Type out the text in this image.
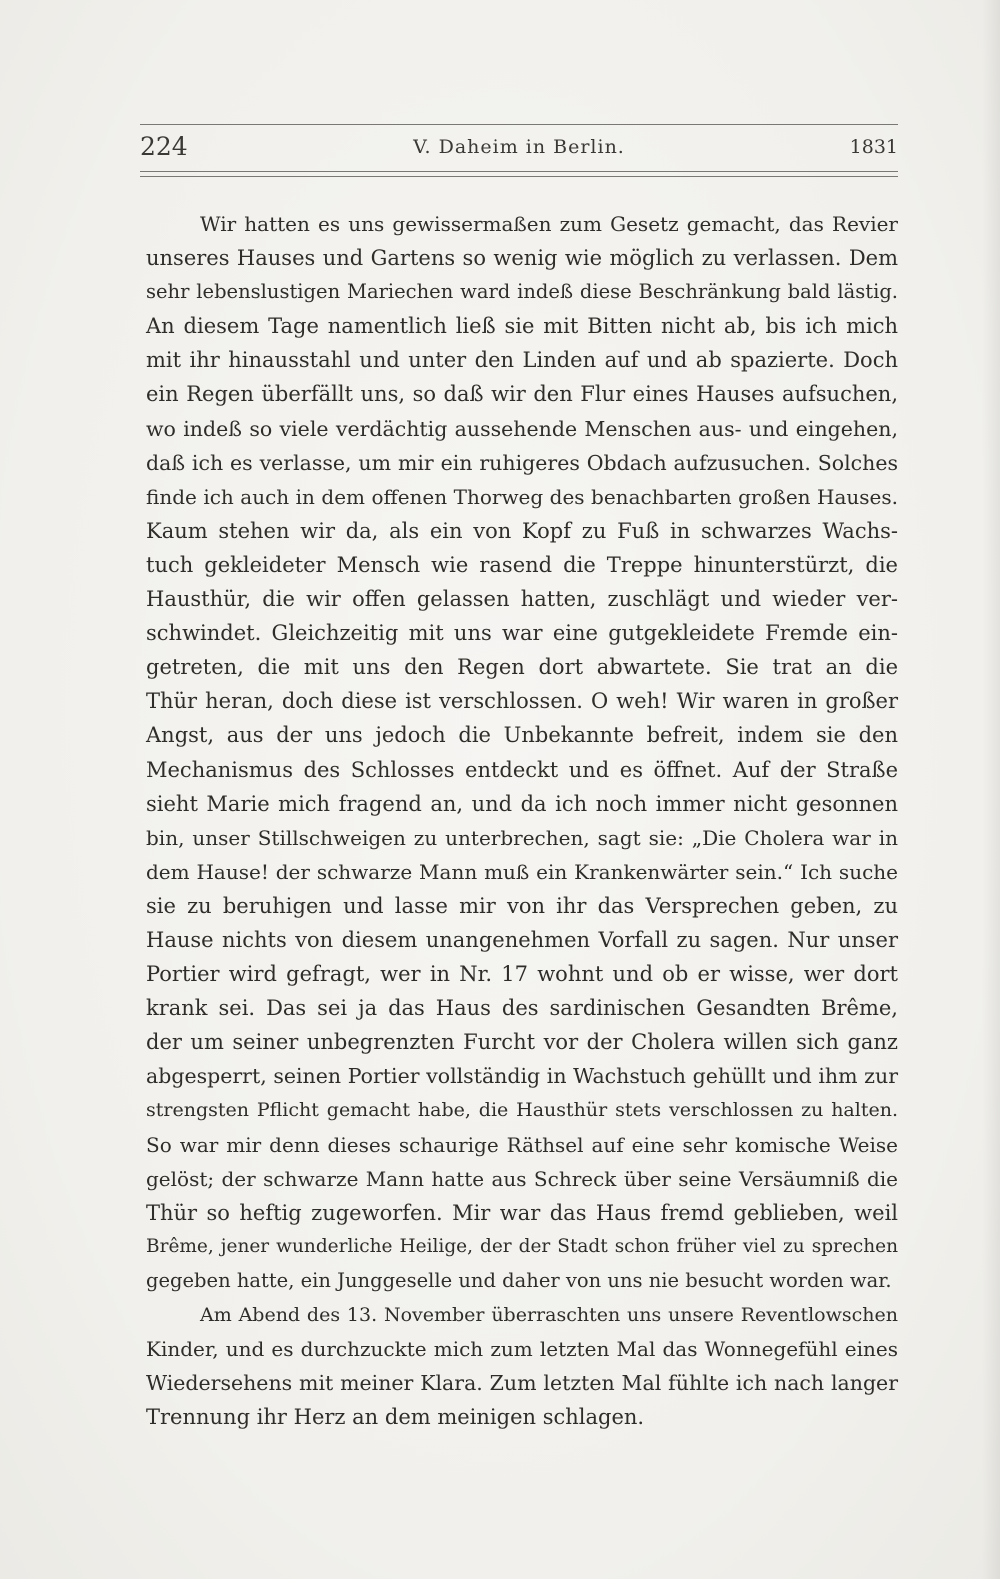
224	V. Daheim in Berlin.	1831
Wir hatten es uns gewissermaßen zum Gesetz gemacht, das Revier
unseres Hauses und Gartens so wenig wie möglich zu verlassen. Dem
sehr lebenslustigen Mariechen ward indeß diese Beschränkung bald lästig.
An diesem Tage namentlich ließ sie mit Bitten nicht ab, bis ich mich
mit ihr hinausstahl und unter den Linden auf und ab spazierte. Doch
ein Regen überfällt uns, so daß wir den Flur eines Hauses aufsuchen,
wo indeß so viele verdächtig aussehende Menschen aus- und eingehen,
daß ich es verlasse, um mir ein ruhigeres Obdach aufzusuchen. Solches
finde ich auch in dem offenen Thorweg des benachbarten großen Hauses.
Kaum stehen wir da, als ein von Kopf zu Fuß in schwarzes Wachs-
tuch gekleideter Mensch wie rasend die Treppe hinunterstürzt, die
Hausthür, die wir offen gelassen hatten, zuschlägt und wieder ver-
schwindet. Gleichzeitig mit uns war eine gutgekleidete Fremde ein-
getreten, die mit uns den Regen dort abwartete. Sie trat an die
Thür heran, doch diese ist verschlossen. O weh! Wir waren in großer
Angst, aus der uns jedoch die Unbekannte befreit, indem sie den
Mechanismus des Schlosses entdeckt und es öffnet. Auf der Straße
sieht Marie mich fragend an, und da ich noch immer nicht gesonnen
bin, unser Stillschweigen zu unterbrechen, sagt sie: „Die Cholera war in
dem Hause! der schwarze Mann muß ein Krankenwärter sein.“ Ich suche
sie zu beruhigen und lasse mir von ihr das Versprechen geben, zu
Hause nichts von diesem unangenehmen Vorfall zu sagen. Nur unser
Portier wird gefragt, wer in Nr. 17 wohnt und ob er wisse, wer dort
krank sei. Das sei ja das Haus des sardinischen Gesandten Brême,
der um seiner unbegrenzten Furcht vor der Cholera willen sich ganz
abgesperrt, seinen Portier vollständig in Wachstuch gehüllt und ihm zur
strengsten Pflicht gemacht habe, die Hausthür stets verschlossen zu halten.
So war mir denn dieses schaurige Räthsel auf eine sehr komische Weise
gelöst; der schwarze Mann hatte aus Schreck über seine Versäumniß die
Thür so heftig zugeworfen. Mir war das Haus fremd geblieben, weil
Brême, jener wunderliche Heilige, der der Stadt schon früher viel zu sprechen
gegeben hatte, ein Junggeselle und daher von uns nie besucht worden war.
Am Abend des 13. November überraschten uns unsere Reventlowschen
Kinder, und es durchzuckte mich zum letzten Mal das Wonnegefühl eines
Wiedersehens mit meiner Klara. Zum letzten Mal fühlte ich nach langer
Trennung ihr Herz an dem meinigen schlagen.
